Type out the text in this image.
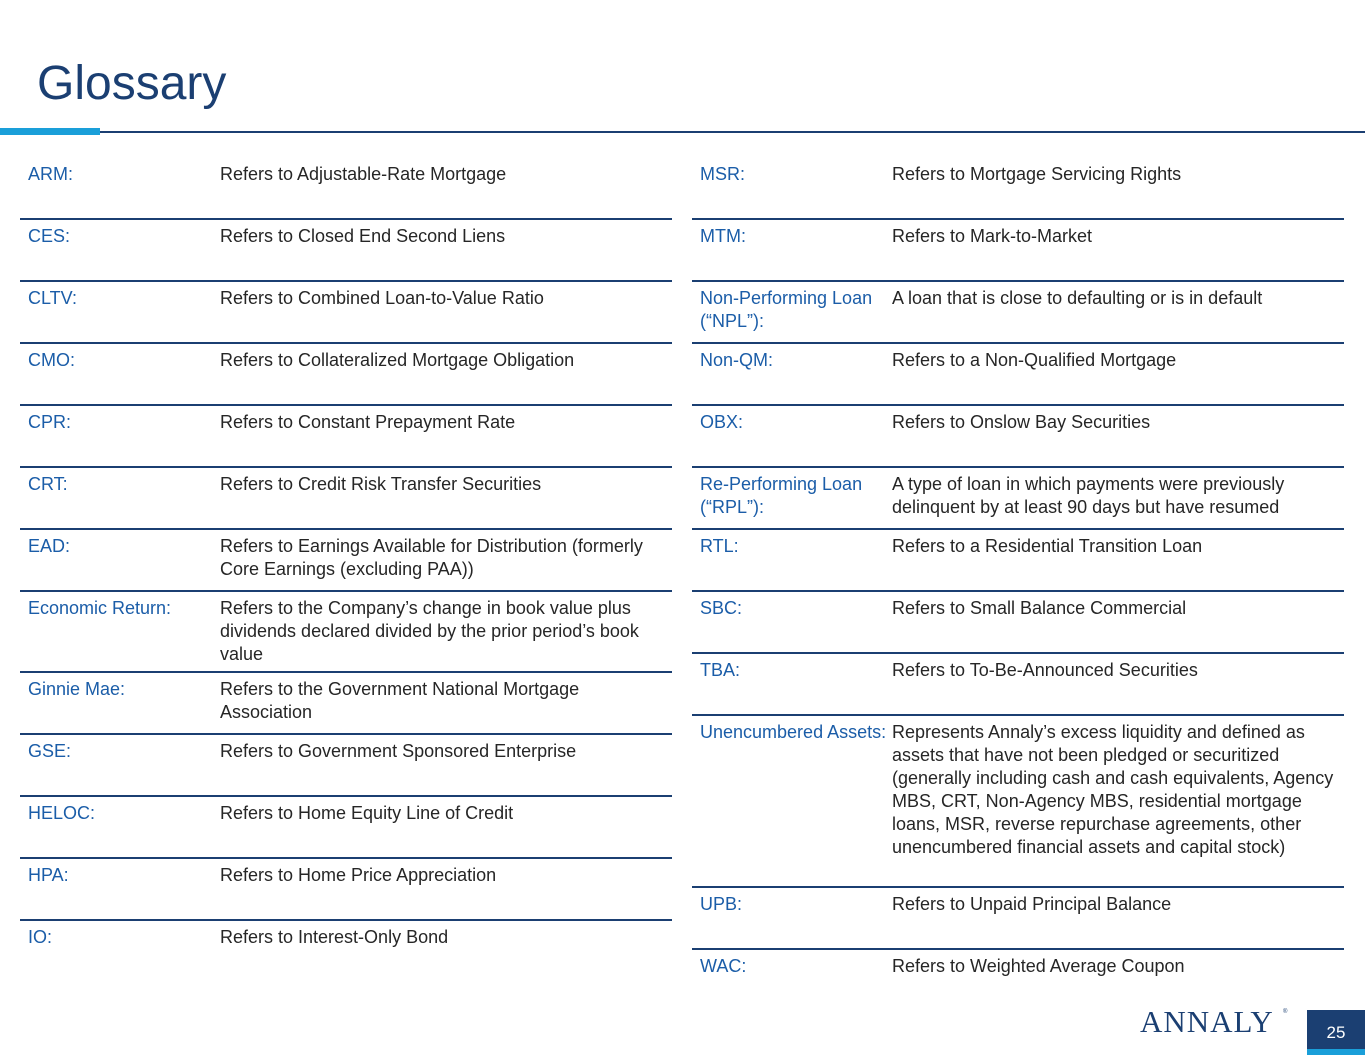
Glossary
ARM:	Refers to Adjustable-Rate Mortgage
CES:	Refers to Closed End Second Liens
CLTV:	Refers to Combined Loan-to-Value Ratio
CMO:	Refers to Collateralized Mortgage Obligation
CPR:	Refers to Constant Prepayment Rate
CRT:	Refers to Credit Risk Transfer Securities
EAD:	Refers to Earnings Available for Distribution (formerly Core Earnings (excluding PAA))
Economic Return:	Refers to the Company’s change in book value plus dividends declared divided by the prior period’s book value
Ginnie Mae:	Refers to the Government National Mortgage Association
GSE:	Refers to Government Sponsored Enterprise
HELOC:	Refers to Home Equity Line of Credit
HPA:	Refers to Home Price Appreciation
IO:	Refers to Interest-Only Bond
MSR:	Refers to Mortgage Servicing Rights
MTM:	Refers to Mark-to-Market
Non-Performing Loan (“NPL”):
A loan that is close to defaulting or is in default
Non-QM:	Refers to a Non-Qualified Mortgage
OBX:	Refers to Onslow Bay Securities
Re-Performing Loan (“RPL”):
A type of loan in which payments were previously delinquent by at least 90 days but have resumed
RTL:	Refers to a Residential Transition Loan
SBC:	Refers to Small Balance Commercial
TBA:	Refers to To-Be-Announced Securities
Unencumbered Assets: Represents Annaly’s excess liquidity and defined as assets that have not been pledged or securitized (generally including cash and cash equivalents, Agency MBS, CRT, Non-Agency MBS, residential mortgage loans, MSR, reverse repurchase agreements, other unencumbered financial assets and capital stock)
UPB:	Refers to Unpaid Principal Balance
WAC:	Refers to Weighted Average Coupon
ANNALY ®
25
